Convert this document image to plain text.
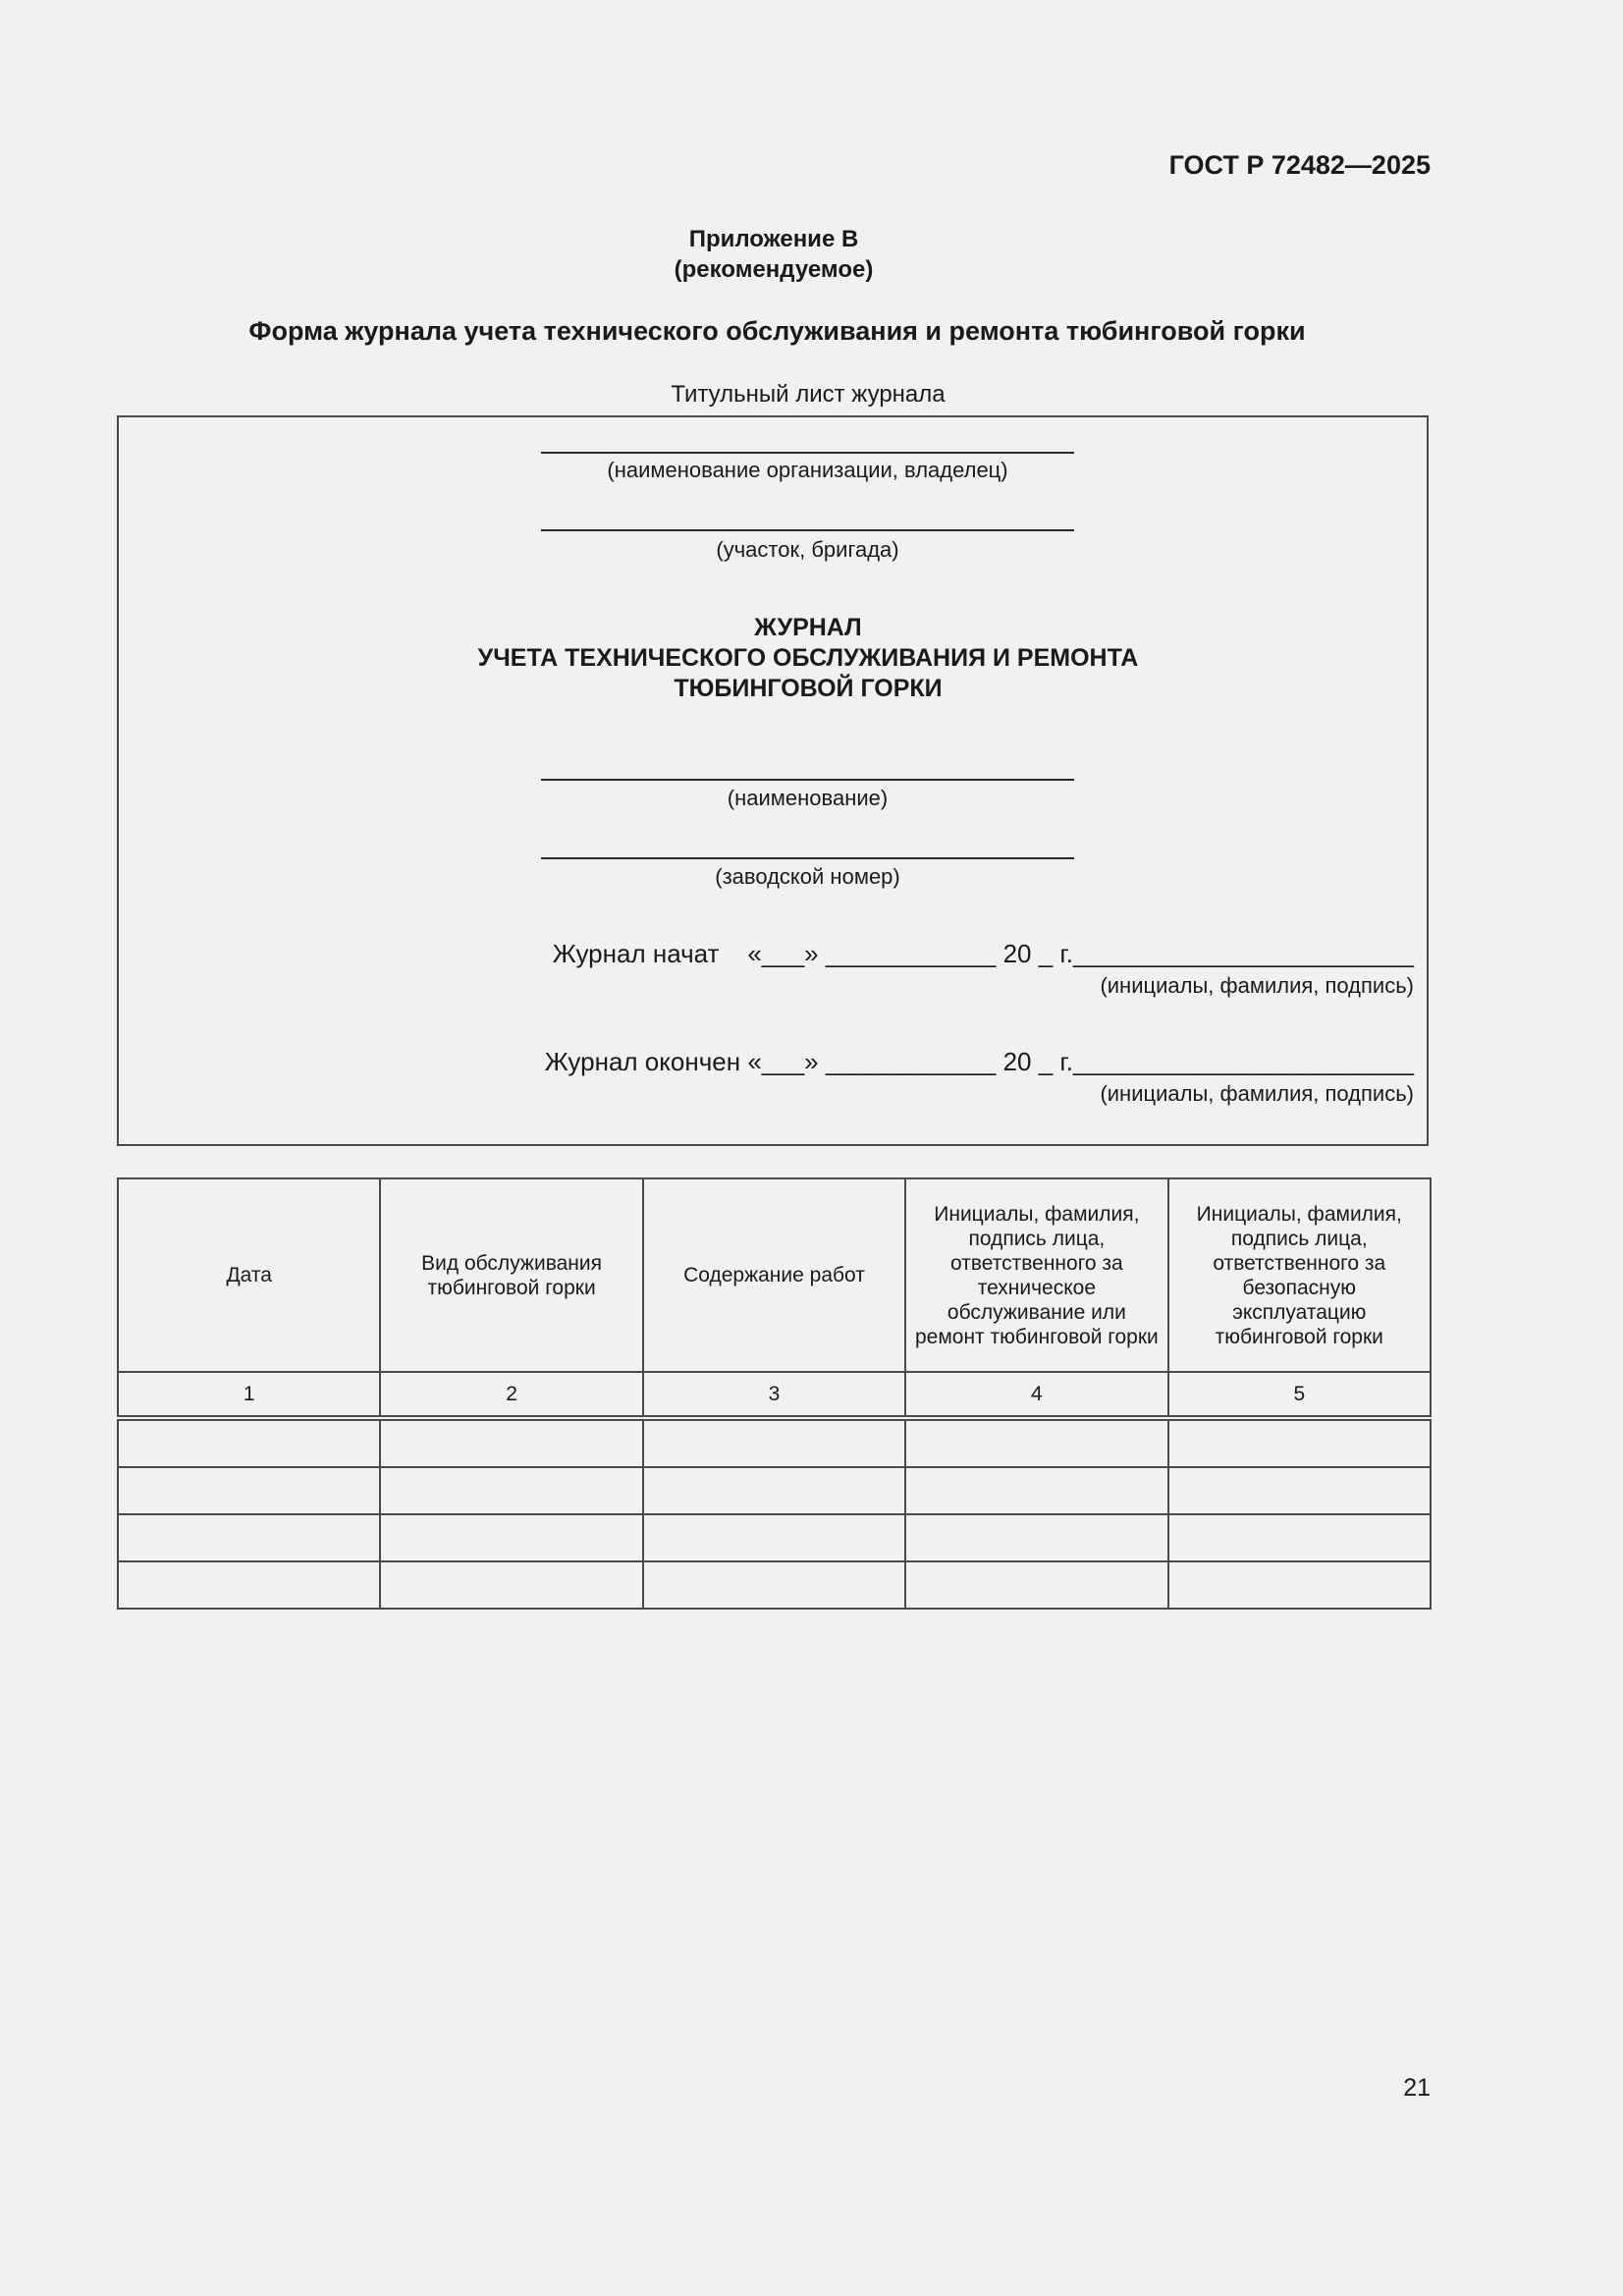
ГОСТ Р 72482—2025
Приложение В
(рекомендуемое)
Форма журнала учета технического обслуживания и ремонта тюбинговой горки
Титульный лист журнала
(наименование организации, владелец)
(участок, бригада)
ЖУРНАЛ
УЧЕТА ТЕХНИЧЕСКОГО ОБСЛУЖИВАНИЯ И РЕМОНТА
ТЮБИНГОВОЙ ГОРКИ
(наименование)
(заводской номер)
Журнал начат    «___» ____________ 20 _ г.________________________
(инициалы, фамилия, подпись)
Журнал окончен «___» ____________ 20 _ г.________________________
(инициалы, фамилия, подпись)
Дата	Вид обслуживания тюбинговой горки	Содержание работ	Инициалы, фамилия, подпись лица, ответственного за техническое обслуживание или ремонт тюбинговой горки	Инициалы, фамилия, подпись лица, ответственного за безопасную эксплуатацию тюбинговой горки
1	2	3	4	5

21
